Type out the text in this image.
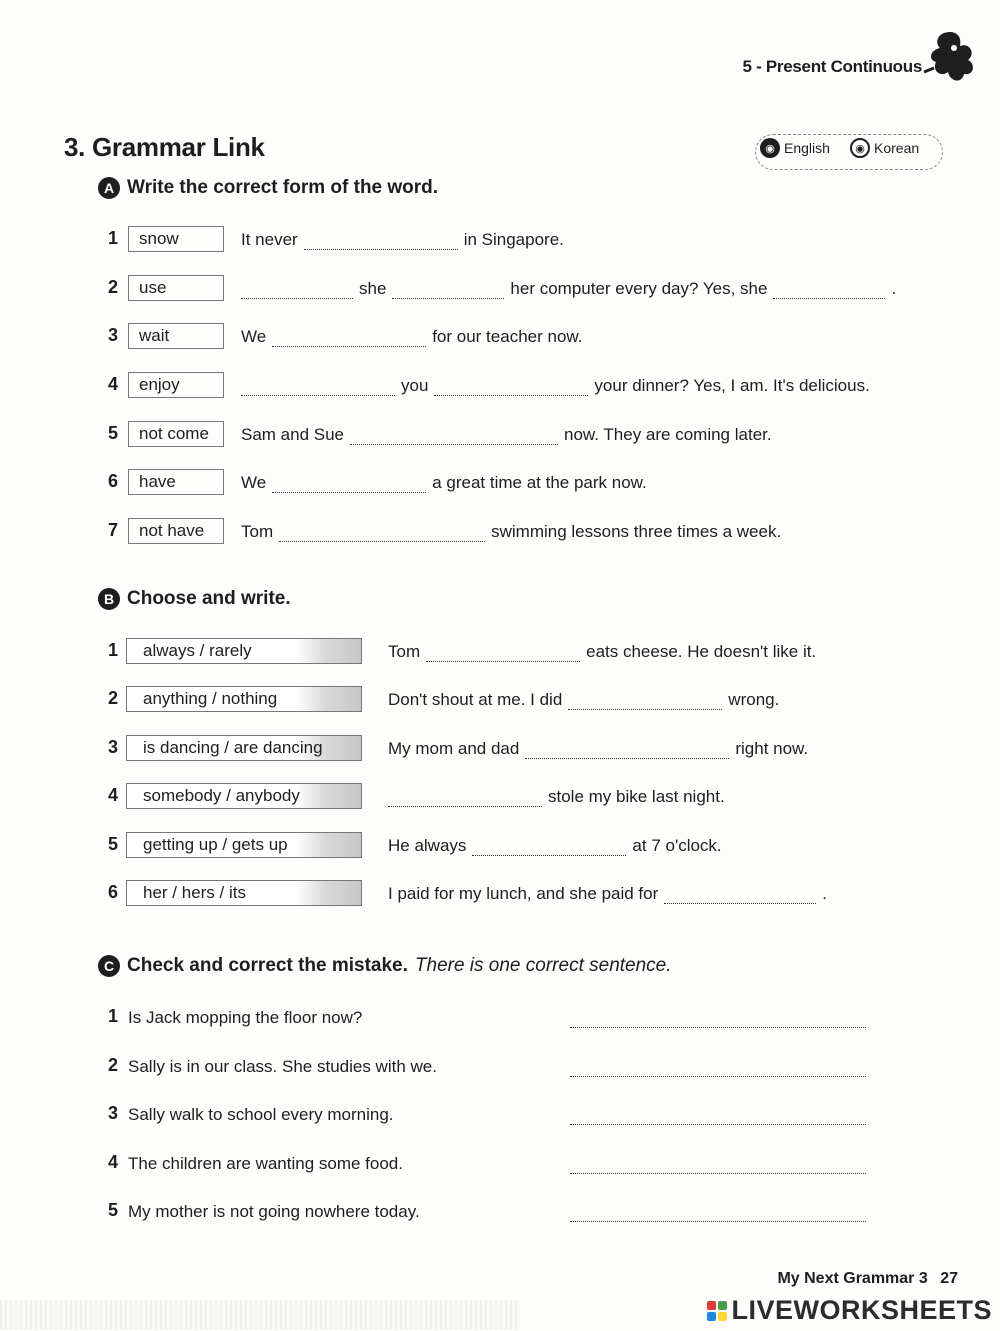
5 - Present Continuous
3. Grammar Link	◉ English	◉ Korean
A Write the correct form of the word.
1	snow	It never	in Singapore.
2	use	she	her computer every day? Yes, she	.
3	wait	We	for our teacher now.
4	enjoy	you	your dinner? Yes, I am. It's delicious.
5	not come	Sam and Sue	now. They are coming later.
6	have	We	a great time at the park now.
7	not have	Tom	swimming lessons three times a week.
B Choose and write.
1	always / rarely	Tom	eats cheese. He doesn't like it.
2	anything / nothing	Don't shout at me. I did	wrong.
3	is dancing / are dancing	My mom and dad	right now.
4	somebody / anybody	stole my bike last night.
5	getting up / gets up	He always	at 7 o'clock.
6	her / hers / its	I paid for my lunch, and she paid for	.
C Check and correct the mistake. There is one correct sentence.
1 Is Jack mopping the floor now?
2 Sally is in our class. She studies with we.
3 Sally walk to school every morning.
4 The children are wanting some food.
5 My mother is not going nowhere today.
My Next Grammar 3 27
LIVEWORKSHEETS
